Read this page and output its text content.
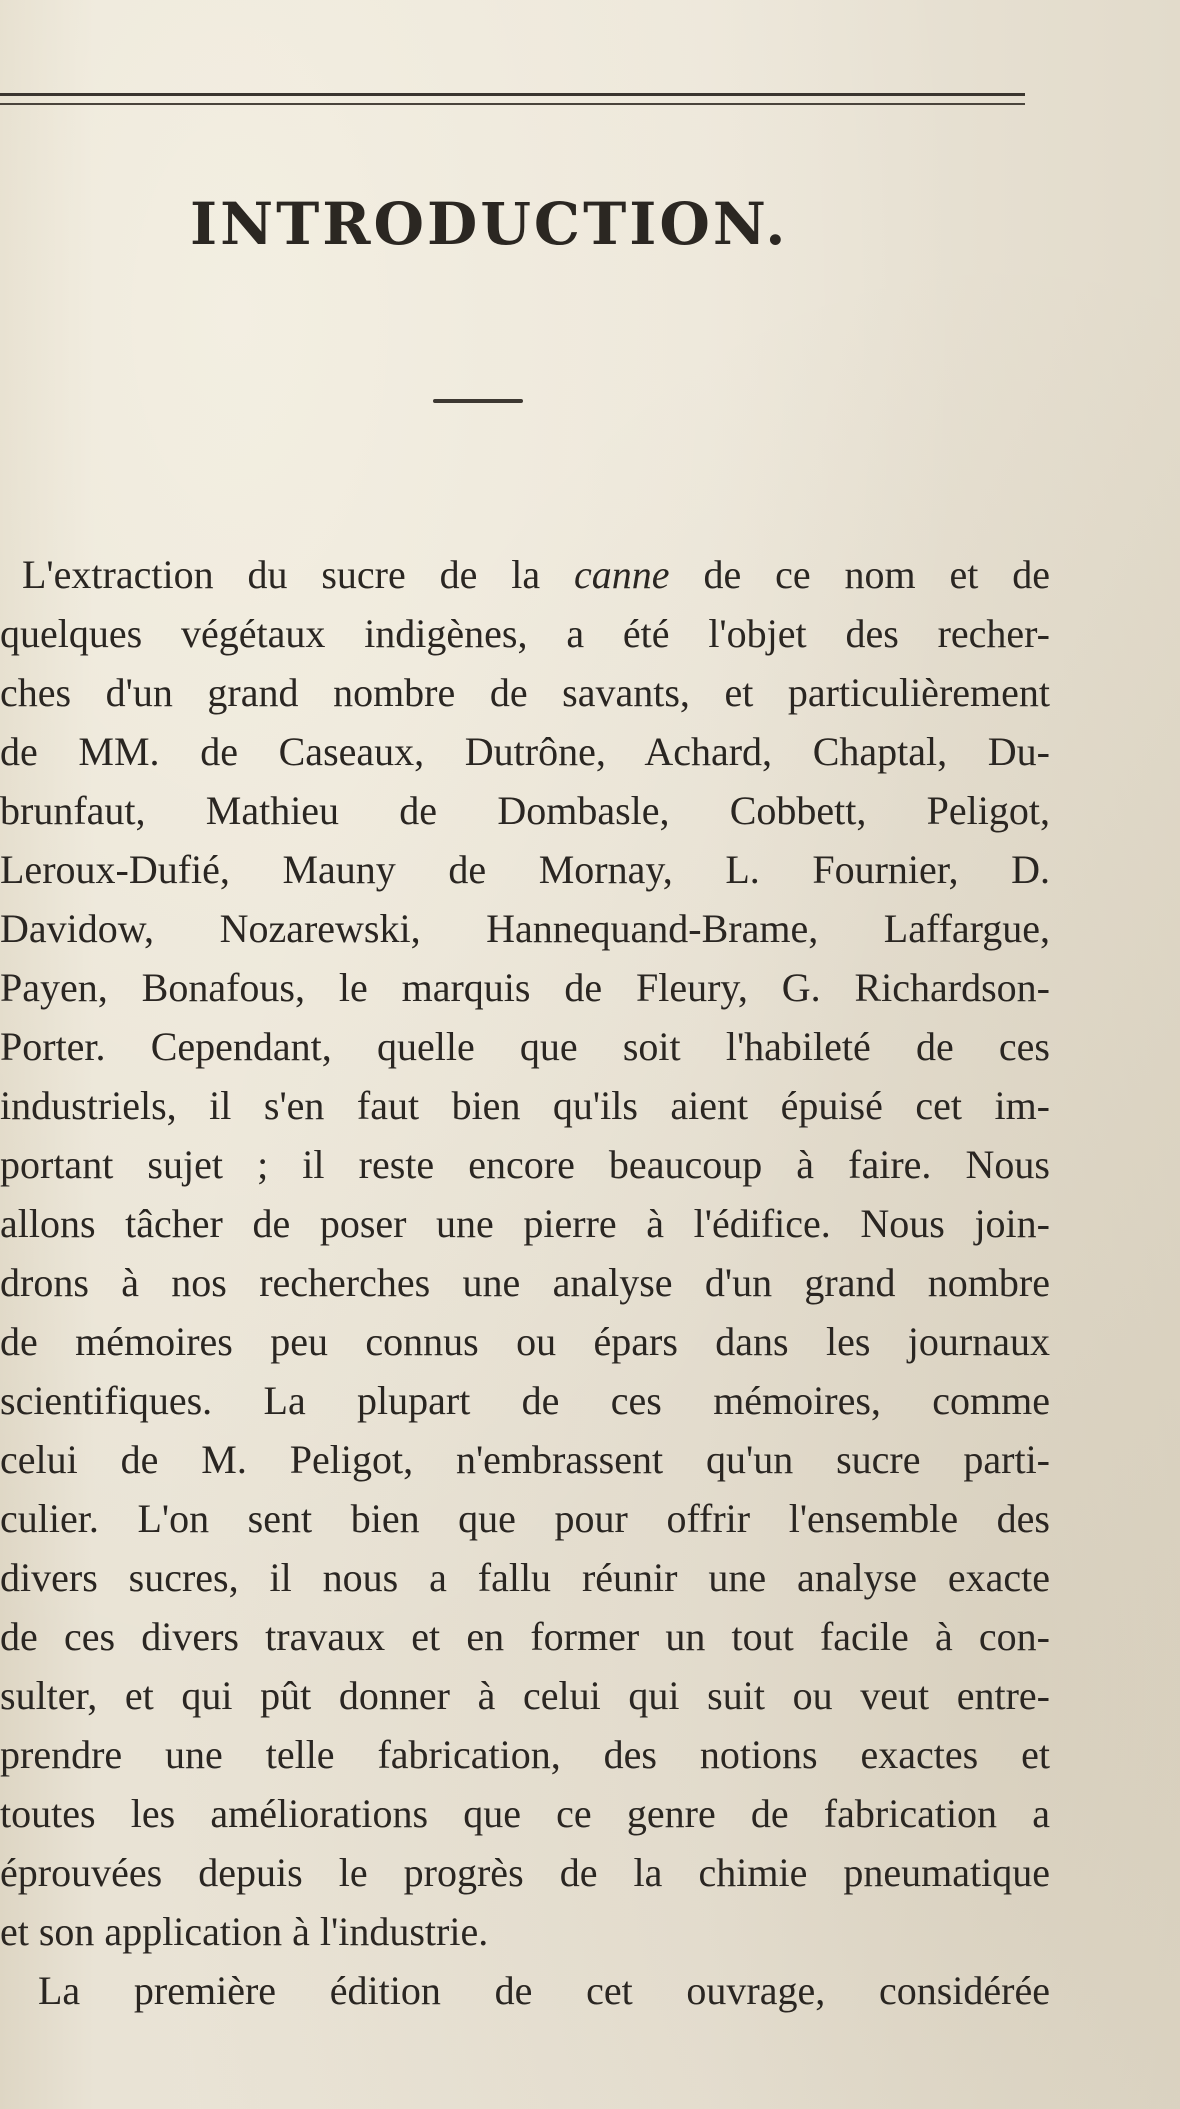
INTRODUCTION.
L'extraction du sucre de la canne de ce nom et de
quelques végétaux indigènes, a été l'objet des recher-
ches d'un grand nombre de savants, et particulièrement
de MM. de Caseaux, Dutrône, Achard, Chaptal, Du-
brunfaut, Mathieu de Dombasle, Cobbett, Peligot,
Leroux-Dufié, Mauny de Mornay, L. Fournier, D.
Davidow, Nozarewski, Hannequand-Brame, Laffargue,
Payen, Bonafous, le marquis de Fleury, G. Richardson-
Porter. Cependant, quelle que soit l'habileté de ces
industriels, il s'en faut bien qu'ils aient épuisé cet im-
portant sujet ; il reste encore beaucoup à faire. Nous
allons tâcher de poser une pierre à l'édifice. Nous join-
drons à nos recherches une analyse d'un grand nombre
de mémoires peu connus ou épars dans les journaux
scientifiques. La plupart de ces mémoires, comme
celui de M. Peligot, n'embrassent qu'un sucre parti-
culier. L'on sent bien que pour offrir l'ensemble des
divers sucres, il nous a fallu réunir une analyse exacte
de ces divers travaux et en former un tout facile à con-
sulter, et qui pût donner à celui qui suit ou veut entre-
prendre une telle fabrication, des notions exactes et
toutes les améliorations que ce genre de fabrication a
éprouvées depuis le progrès de la chimie pneumatique
et son application à l'industrie.
La première édition de cet ouvrage, considérée
